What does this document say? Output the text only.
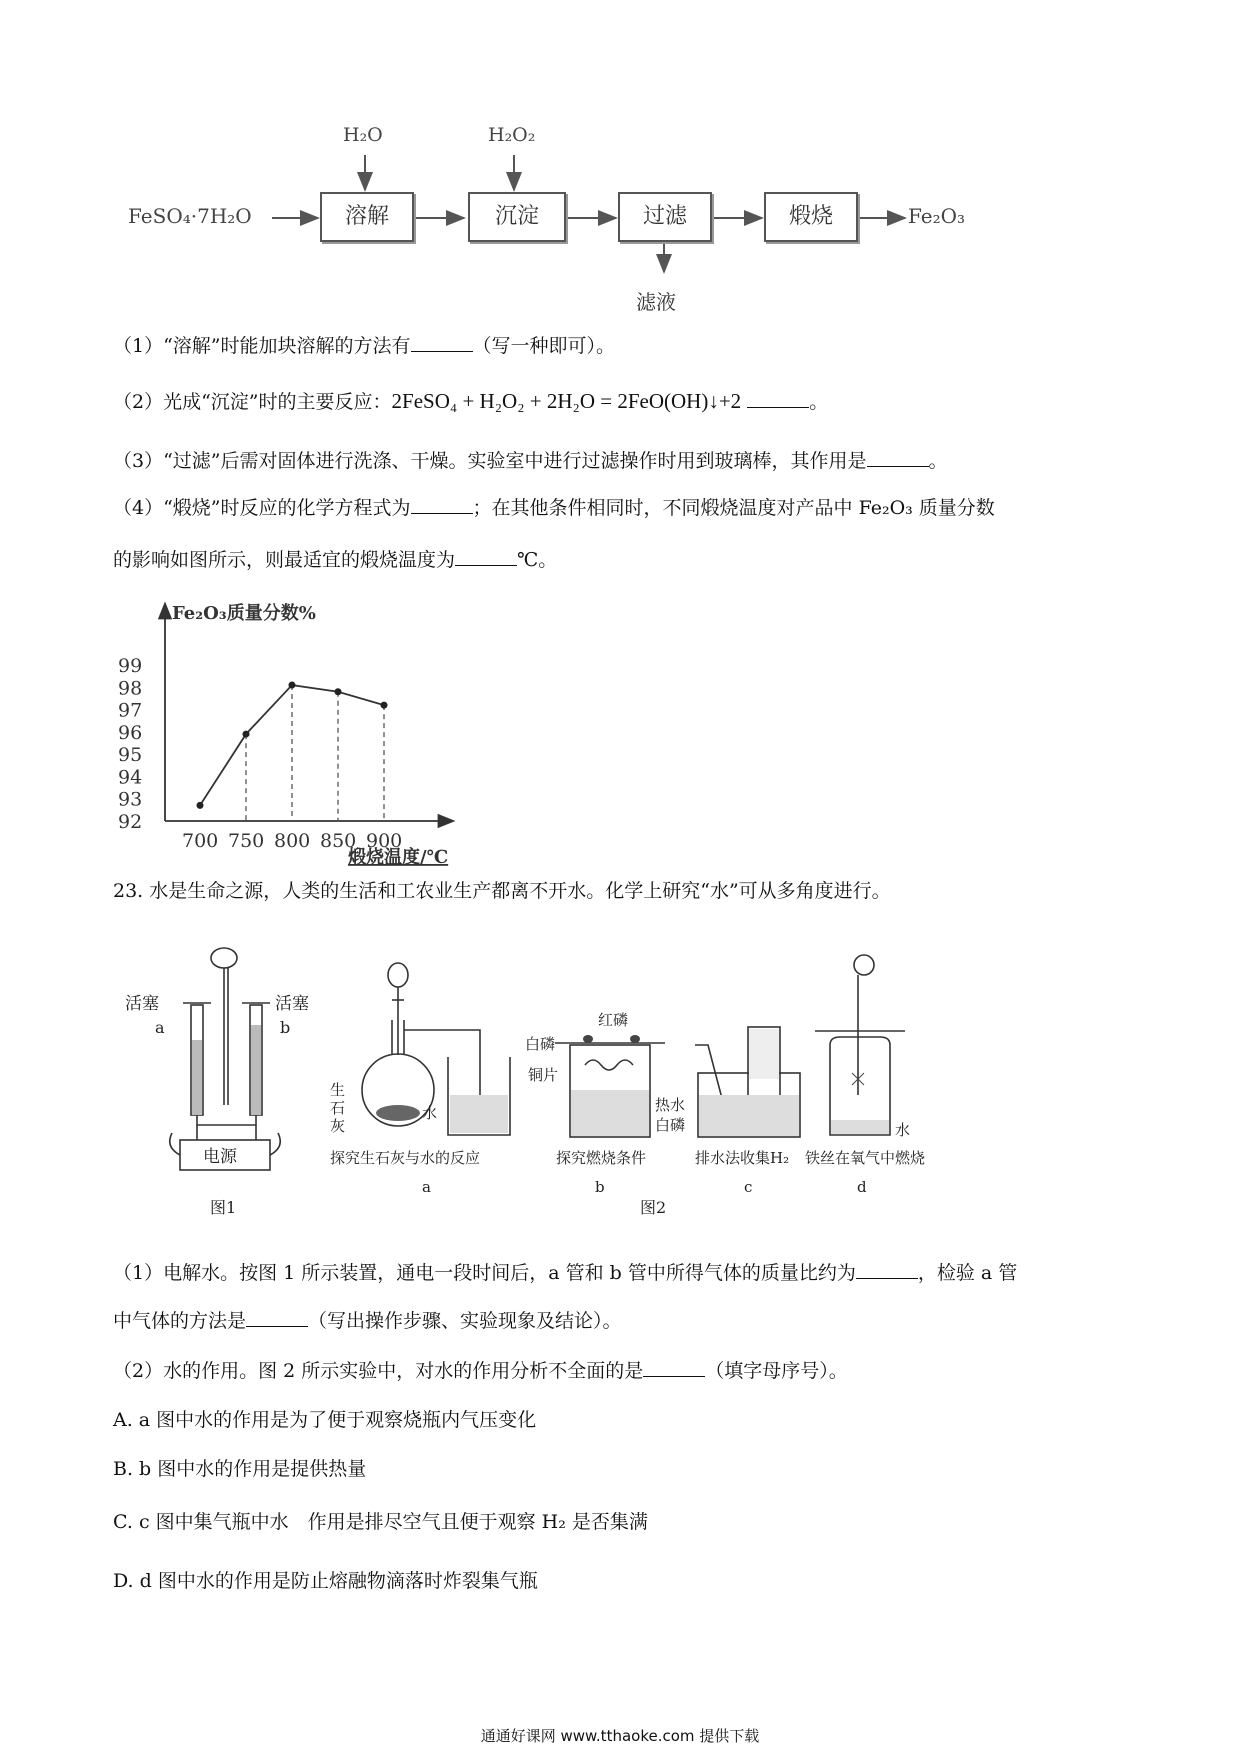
FeSO₄·7H₂O
H₂O	H₂O₂
溶解	沉淀	过滤	煅烧	Fe₂O₃
滤液
（1）“溶解”时能加块溶解的方法有	（写一种即可）。
（2）光成“沉淀”时的主要反应：2FeSO₄ + H₂O₂ + 2H₂O = 2FeO(OH)↓+2	。
（3）“过滤”后需对固体进行洗涤、干燥。实验室中进行过滤操作时用到玻璃棒，其作用是	。
（4）“煅烧”时反应的化学方程式为	；在其他条件相同时，不同煅烧温度对产品中 Fe₂O₃ 质量分数
的影响如图所示，则最适宜的煅烧温度为	℃。
Fe₂O₃质量分数%
煅烧温度/℃
92
93
94
95
96
97
98
99
700 750 800 850 900
23. 水是生命之源，人类的生活和工农业生产都离不开水。化学上研究“水”可从多角度进行。
活塞	活塞
a	b
电源
图1
生
石
灰
水
探究生石灰与水的反应
a
红磷
白磷
铜片
热水
白磷
探究燃烧条件
b
排水法收集H₂
c
水
铁丝在氧气中燃烧
d
图2
（1）电解水。按图 1 所示装置，通电一段时间后，a 管和 b 管中所得气体的质量比约为	，检验 a 管
中气体的方法是	（写出操作步骤、实验现象及结论）。
（2）水的作用。图 2 所示实验中，对水的作用分析不全面的是	（填字母序号）。
A. a 图中水的作用是为了便于观察烧瓶内气压变化
B. b 图中水的作用是提供热量
C. c 图中集气瓶中水　作用是排尽空气且便于观察 H₂ 是否集满
D. d 图中水的作用是防止熔融物滴落时炸裂集气瓶
通通好课网 www.tthaoke.com 提供下载
